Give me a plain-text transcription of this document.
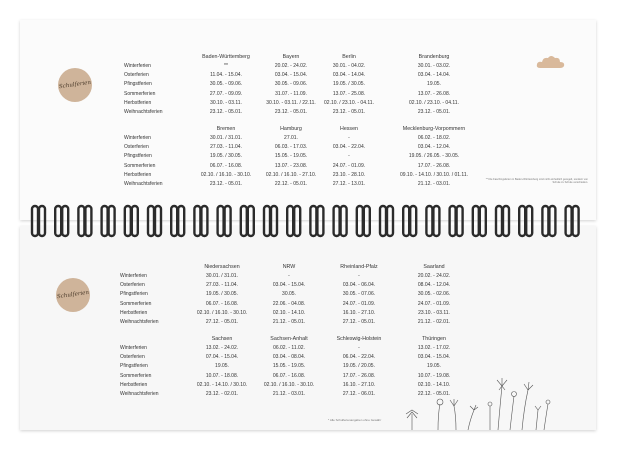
Schulferien
Winterferien
Osterferien
Pfingstferien
Sommerferien
Herbstferien
Weihnachtsferien
Baden-Württemberg
**
11.04. - 15.04.
30.05. - 09.06.
27.07. - 09.09.
30.10. - 03.11.
23.12. - 05.01.
Bayern
20.02. - 24.02.
03.04. - 15.04.
30.05. - 09.06.
31.07. - 11.09.
30.10. - 03.11. / 22.11.
23.12. - 05.01.
Berlin
30.01. - 04.02.
03.04. - 14.04.
19.05. / 30.05.
13.07. - 25.08.
02.10. / 23.10. - 04.11.
23.12. - 05.01.
Brandenburg
30.01. - 03.02.
03.04. - 14.04.
19.05.
13.07. - 26.08.
02.10. / 23.10. - 04.11.
23.12. - 05.01.
Winterferien
Osterferien
Pfingstferien
Sommerferien
Herbstferien
Weihnachtsferien
Bremen
30.01. / 31.01.
27.03. - 11.04.
19.05. / 30.05.
06.07. - 16.08.
02.10. / 16.10. - 30.10.
23.12. - 05.01.
Hamburg
27.01.
06.03. - 17.03.
15.05. - 19.05.
13.07. - 23.08.
02.10. / 16.10. - 27.10.
22.12. - 05.01.
Hessen
-
03.04. - 22.04.
-
24.07. - 01.09.
23.10. - 28.10.
27.12. - 13.01.
Mecklenburg-Vorpommern
06.02. - 18.02.
03.04. - 12.04.
19.05. / 26.05. - 30.05.
17.07. - 26.08.
09.10. - 14.10. / 30.10. / 01.11.
21.12. - 03.01.
** Die Faschingsferien in Baden-Württemberg sind nicht einheitlich geregelt, sondern von Schule zu Schule verschieden.
Schulferien
Winterferien
Osterferien
Pfingstferien
Sommerferien
Herbstferien
Weihnachtsferien
Niedersachsen
30.01. / 31.01.
27.03. - 11.04.
19.05. / 30.05.
06.07. - 16.08.
02.10. / 16.10. - 30.10.
27.12. - 05.01.
NRW
-
03.04. - 15.04.
30.05.
22.06. - 04.08.
02.10. - 14.10.
21.12. - 05.01.
Rheinland-Pfalz
-
03.04. - 06.04.
30.05. - 07.06.
24.07. - 01.09.
16.10. - 27.10.
27.12. - 05.01.
Saarland
20.02. - 24.02.
08.04. - 12.04.
30.05. - 02.06.
24.07. - 01.09.
23.10. - 03.11.
21.12. - 02.01.
Winterferien
Osterferien
Pfingstferien
Sommerferien
Herbstferien
Weihnachtsferien
Sachsen
13.02. - 24.02.
07.04. - 15.04.
19.05.
10.07. - 18.08.
02.10. - 14.10. / 30.10.
23.12. - 02.01.
Sachsen-Anhalt
06.02. - 11.02.
03.04. - 08.04.
15.05. - 19.05.
06.07. - 16.08.
02.10. / 16.10. - 30.10.
21.12. - 03.01.
Schleswig-Holstein
-
06.04. - 22.04.
19.05. / 20.05.
17.07. - 26.08.
16.10. - 27.10.
27.12. - 06.01.
Thüringen
13.02. - 17.02.
03.04. - 15.04.
19.05.
10.07. - 19.08.
02.10. - 14.10.
22.12. - 05.01.
* Alle Schulferienangaben ohne Gewähr
